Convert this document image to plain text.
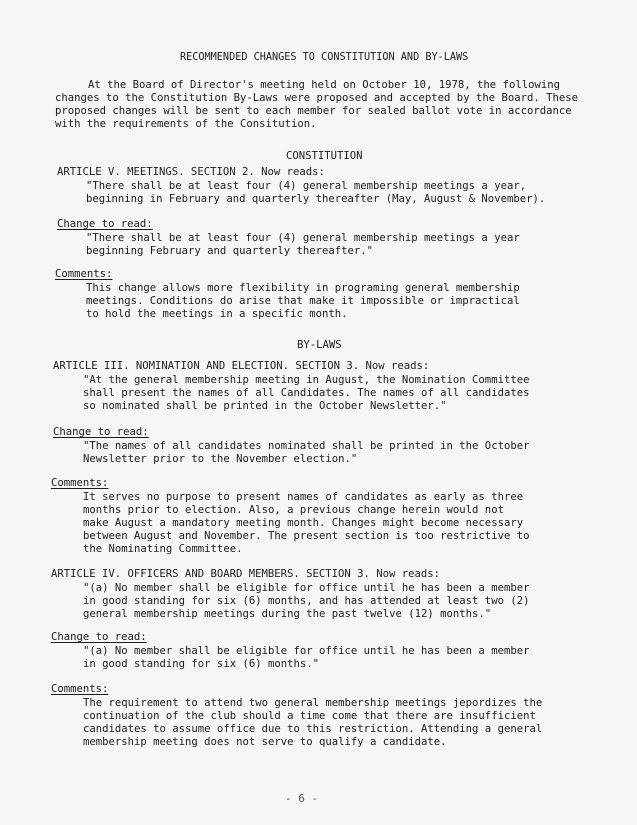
RECOMMENDED CHANGES TO CONSTITUTION AND BY-LAWS
At the Board of Director's meeting held on October 10, 1978, the following
changes to the Constitution By-Laws were proposed and accepted by the Board. These
proposed changes will be sent to each member for sealed ballot vote in accordance
with the requirements of the Consitution.
CONSTITUTION
ARTICLE V. MEETINGS. SECTION 2. Now reads:
"There shall be at least four (4) general membership meetings a year,
beginning in February and quarterly thereafter (May, August & November).
Change to read:
"There shall be at least four (4) general membership meetings a year
beginning February and quarterly thereafter."
Comments:
This change allows more flexibility in programing general membership
meetings. Conditions do arise that make it impossible or impractical
to hold the meetings in a specific month.
BY-LAWS
ARTICLE III. NOMINATION AND ELECTION. SECTION 3. Now reads:
"At the general membership meeting in August, the Nomination Committee
shall present the names of all Candidates. The names of all candidates
so nominated shall be printed in the October Newsletter."
Change to read:
"The names of all candidates nominated shall be printed in the October
Newsletter prior to the November election."
Comments:
It serves no purpose to present names of candidates as early as three
months prior to election. Also, a previous change herein would not
make August a mandatory meeting month. Changes might become necessary
between August and November. The present section is too restrictive to
the Nominating Committee.
ARTICLE IV. OFFICERS AND BOARD MEMBERS. SECTION 3. Now reads:
"(a) No member shall be eligible for office until he has been a member
in good standing for six (6) months, and has attended at least two (2)
general membership meetings during the past twelve (12) months."
Change to read:
"(a) No member shall be eligible for office until he has been a member
in good standing for six (6) months."
Comments:
The requirement to attend two general membership meetings jepordizes the
continuation of the club should a time come that there are insufficient
candidates to assume office due to this restriction. Attending a general
membership meeting does not serve to qualify a candidate.
- 6 -
